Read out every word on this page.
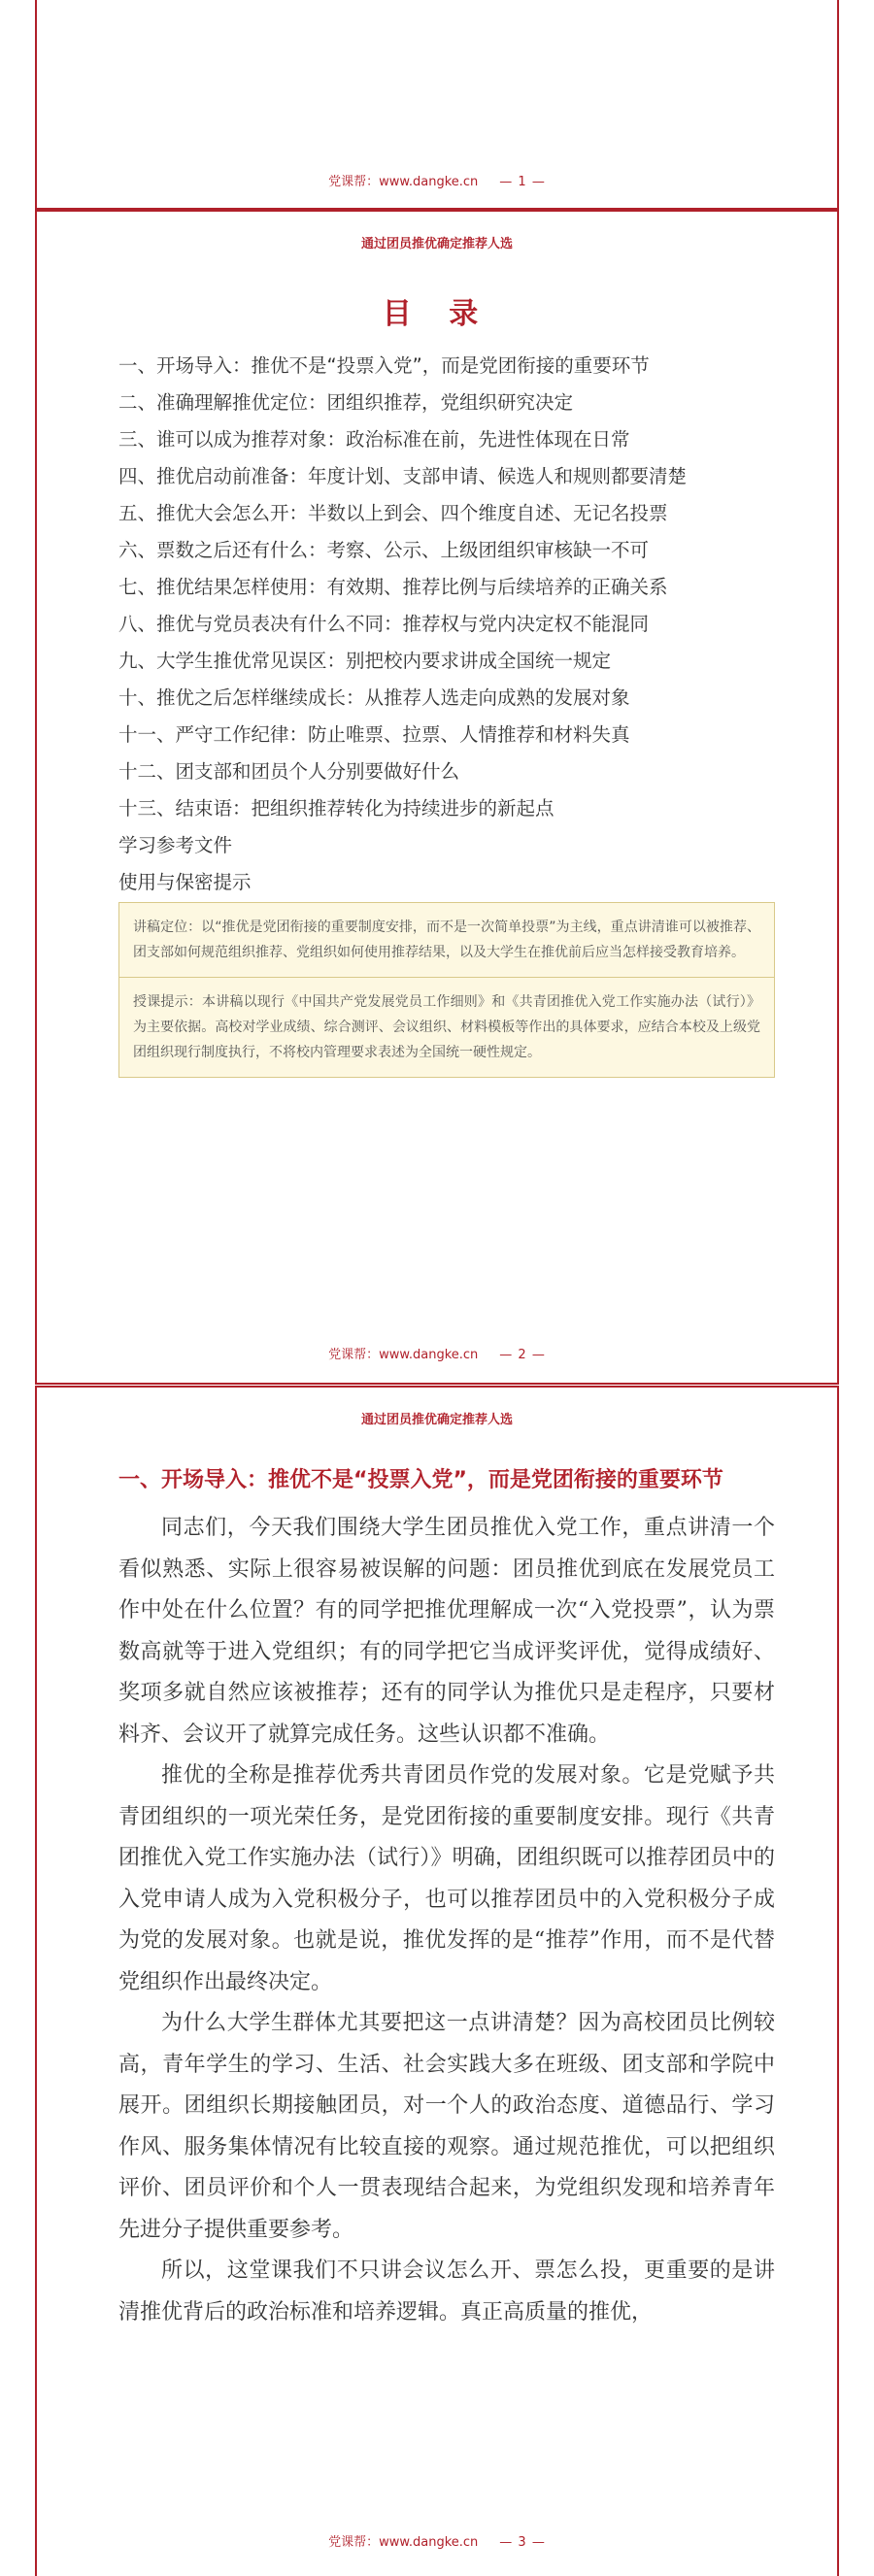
党课帮：www.dangke.cn — 1 —
通过团员推优确定推荐人选
目 录
一、开场导入：推优不是“投票入党”，而是党团衔接的重要环节
二、准确理解推优定位：团组织推荐，党组织研究决定
三、谁可以成为推荐对象：政治标准在前，先进性体现在日常
四、推优启动前准备：年度计划、支部申请、候选人和规则都要清楚
五、推优大会怎么开：半数以上到会、四个维度自述、无记名投票
六、票数之后还有什么：考察、公示、上级团组织审核缺一不可
七、推优结果怎样使用：有效期、推荐比例与后续培养的正确关系
八、推优与党员表决有什么不同：推荐权与党内决定权不能混同
九、大学生推优常见误区：别把校内要求讲成全国统一规定
十、推优之后怎样继续成长：从推荐人选走向成熟的发展对象
十一、严守工作纪律：防止唯票、拉票、人情推荐和材料失真
十二、团支部和团员个人分别要做好什么
十三、结束语：把组织推荐转化为持续进步的新起点
学习参考文件
使用与保密提示

讲稿定位：以“推优是党团衔接的重要制度安排，而不是一次简单投票”为主线，重点讲清谁可以被推荐、团支部如何规范组织推荐、党组织如何使用推荐结果，以及大学生在推优前后应当怎样接受教育培养。

授课提示：本讲稿以现行《中国共产党发展党员工作细则》和《共青团推优入党工作实施办法（试行）》为主要依据。高校对学业成绩、综合测评、会议组织、材料模板等作出的具体要求，应结合本校及上级党团组织现行制度执行，不将校内管理要求表述为全国统一硬性规定。

党课帮：www.dangke.cn — 2 —
通过团员推优确定推荐人选
一、开场导入：推优不是“投票入党”，而是党团衔接的重要环节

同志们，今天我们围绕大学生团员推优入党工作，重点讲清一个看似熟悉、实际上很容易被误解的问题：团员推优到底在发展党员工作中处在什么位置？有的同学把推优理解成一次“入党投票”，认为票数高就等于进入党组织；有的同学把它当成评奖评优，觉得成绩好、奖项多就自然应该被推荐；还有的同学认为推优只是走程序，只要材料齐、会议开了就算完成任务。这些认识都不准确。

推优的全称是推荐优秀共青团员作党的发展对象。它是党赋予共青团组织的一项光荣任务，是党团衔接的重要制度安排。现行《共青团推优入党工作实施办法（试行）》明确，团组织既可以推荐团员中的入党申请人成为入党积极分子，也可以推荐团员中的入党积极分子成为党的发展对象。也就是说，推优发挥的是“推荐”作用，而不是代替党组织作出最终决定。

为什么大学生群体尤其要把这一点讲清楚？因为高校团员比例较高，青年学生的学习、生活、社会实践大多在班级、团支部和学院中展开。团组织长期接触团员，对一个人的政治态度、道德品行、学习作风、服务集体情况有比较直接的观察。通过规范推优，可以把组织评价、团员评价和个人一贯表现结合起来，为党组织发现和培养青年先进分子提供重要参考。

所以，这堂课我们不只讲会议怎么开、票怎么投，更重要的是讲清推优背后的政治标准和培养逻辑。真正高质量的推优，

党课帮：www.dangke.cn — 3 —
